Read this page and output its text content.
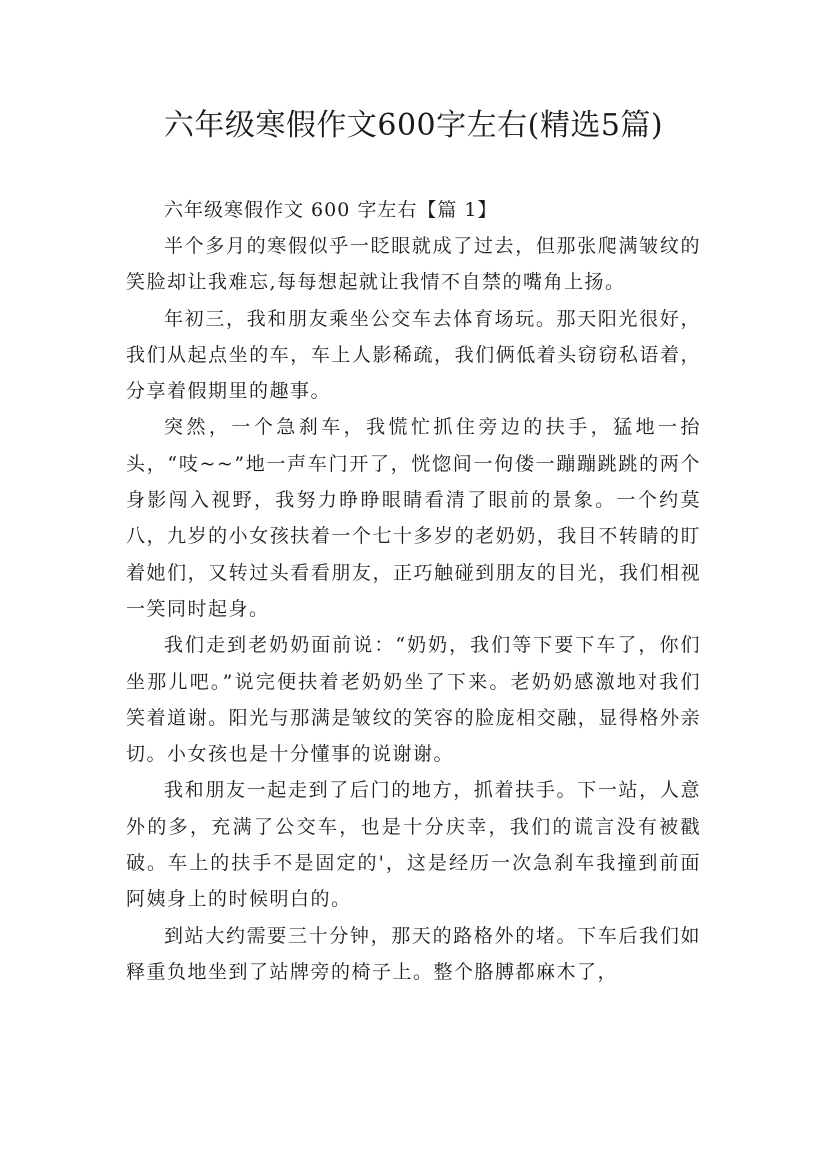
六年级寒假作文600字左右(精选5篇)

六年级寒假作文 600 字左右【篇 1】

半个多月的寒假似乎一眨眼就成了过去，但那张爬满皱纹的笑脸却让我难忘,每每想起就让我情不自禁的嘴角上扬。

年初三，我和朋友乘坐公交车去体育场玩。那天阳光很好，我们从起点坐的车，车上人影稀疏，我们俩低着头窃窃私语着，分享着假期里的趣事。

突然，一个急刹车，我慌忙抓住旁边的扶手，猛地一抬头，“吱~~”地一声车门开了，恍惚间一佝偻一蹦蹦跳跳的两个身影闯入视野，我努力睁睁眼睛看清了眼前的景象。一个约莫八，九岁的小女孩扶着一个七十多岁的老奶奶，我目不转睛的盯着她们，又转过头看看朋友，正巧触碰到朋友的目光，我们相视一笑同时起身。

我们走到老奶奶面前说：“奶奶，我们等下要下车了，你们坐那儿吧。”说完便扶着老奶奶坐了下来。老奶奶感激地对我们笑着道谢。阳光与那满是皱纹的笑容的脸庞相交融，显得格外亲切。小女孩也是十分懂事的说谢谢。

我和朋友一起走到了后门的地方，抓着扶手。下一站，人意外的多，充满了公交车，也是十分庆幸，我们的谎言没有被戳破。车上的扶手不是固定的'，这是经历一次急刹车我撞到前面阿姨身上的时候明白的。

到站大约需要三十分钟，那天的路格外的堵。下车后我们如释重负地坐到了站牌旁的椅子上。整个胳膊都麻木了，
